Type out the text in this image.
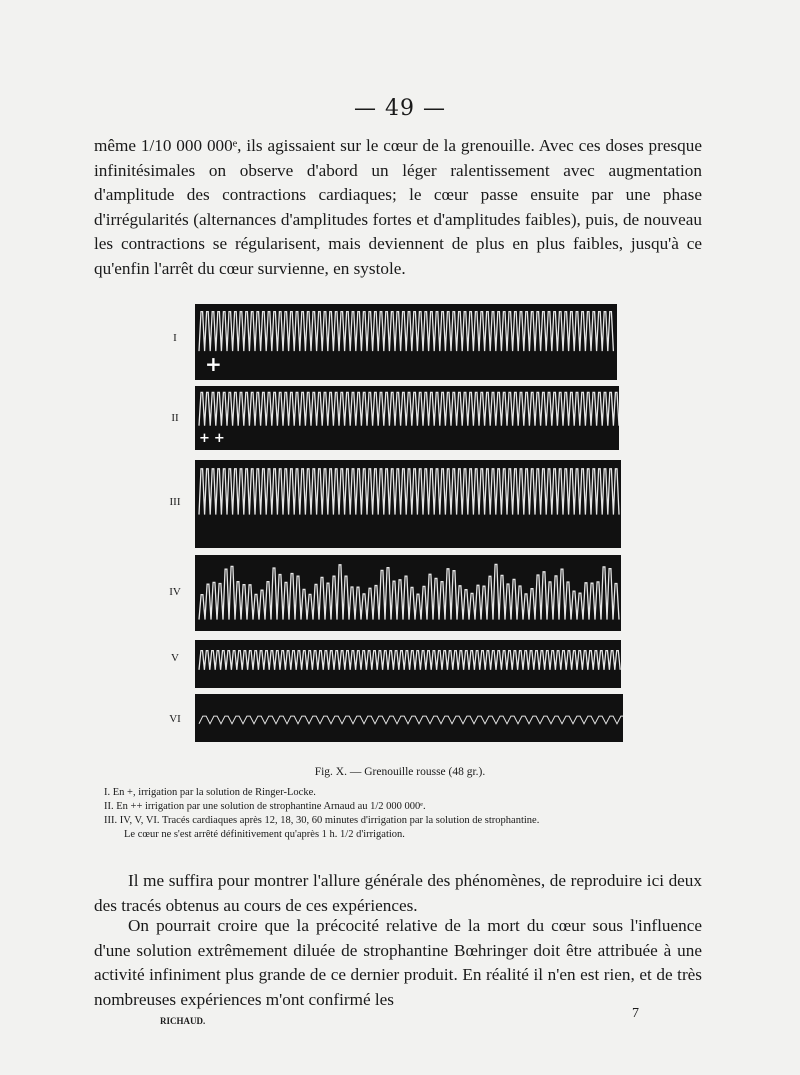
— 49 —
même 1/10 000 000ᵉ, ils agissaient sur le cœur de la grenouille. Avec ces doses presque infinitésimales on observe d'abord un léger ralentissement avec augmentation d'amplitude des contractions cardiaques; le cœur passe ensuite par une phase d'irrégularités (alternances d'amplitudes fortes et d'amplitudes faibles), puis, de nouveau les contractions se régularisent, mais deviennent de plus en plus faibles, jusqu'à ce qu'enfin l'arrêt du cœur survienne, en systole.
I
+
II
++
III
IV
V
VI
Fig. X. — Grenouille rousse (48 gr.).
I. En +, irrigation par la solution de Ringer-Locke.
II. En ++ irrigation par une solution de strophantine Arnaud au 1/2 000 000ᵉ.
III. IV, V, VI. Tracés cardiaques après 12, 18, 30, 60 minutes d'irrigation par la solution de strophantine.
Le cœur ne s'est arrêté définitivement qu'après 1 h. 1/2 d'irrigation.
Il me suffira pour montrer l'allure générale des phénomènes, de reproduire ici deux des tracés obtenus au cours de ces expériences.
On pourrait croire que la précocité relative de la mort du cœur sous l'influence d'une solution extrêmement diluée de strophantine Bœhringer doit être attribuée à une activité infiniment plus grande de ce dernier produit. En réalité il n'en est rien, et de très nombreuses expériences m'ont confirmé les
RICHAUD.	7
